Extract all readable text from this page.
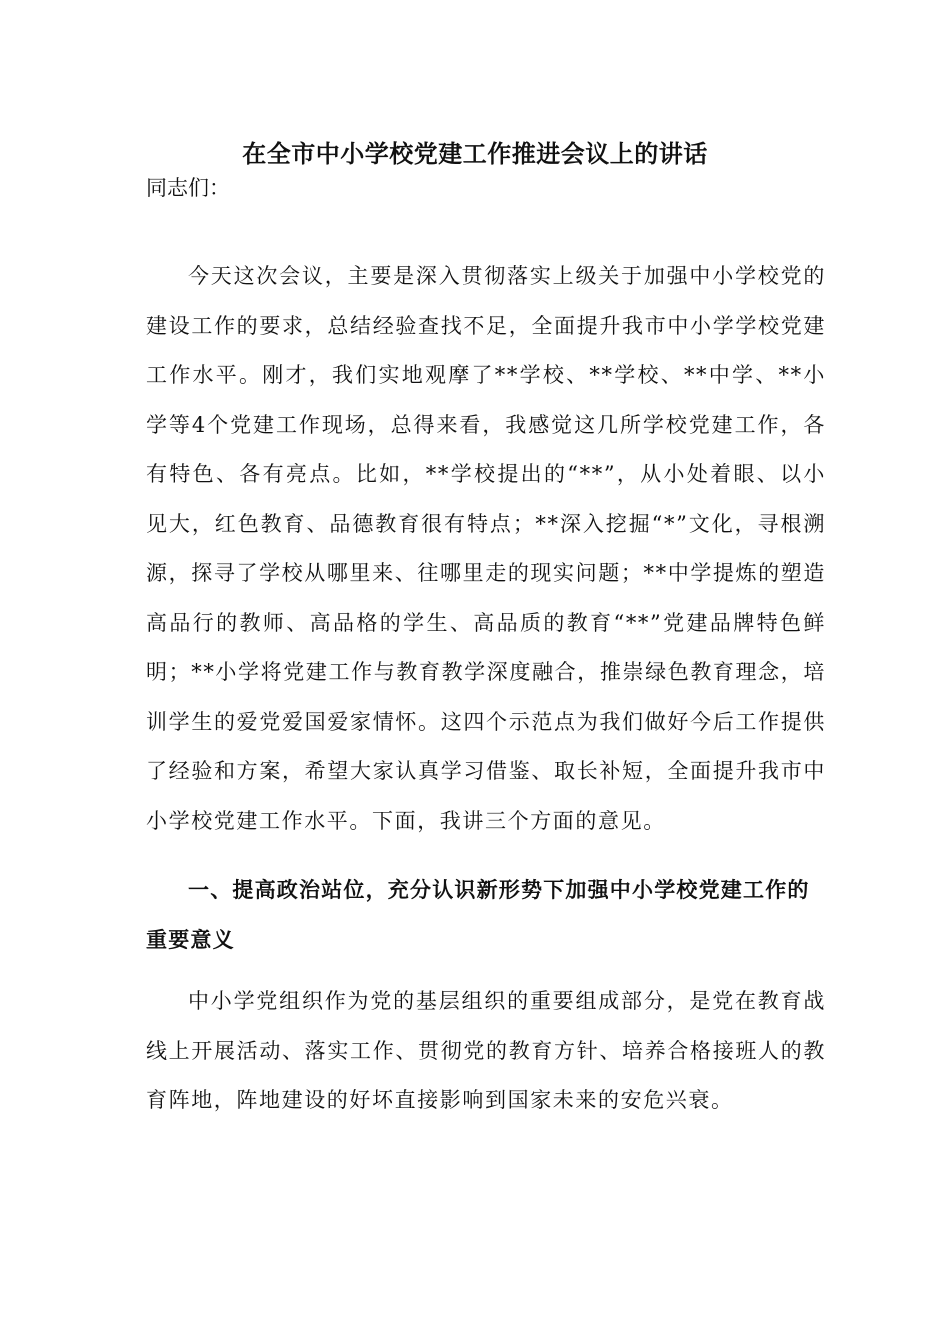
在全市中小学校党建工作推进会议上的讲话
同志们：

今天这次会议，主要是深入贯彻落实上级关于加强中小学校党的建设工作的要求，总结经验查找不足，全面提升我市中小学学校党建工作水平。刚才，我们实地观摩了**学校、**学校、**中学、**小学等4个党建工作现场，总得来看，我感觉这几所学校党建工作，各有特色、各有亮点。比如，**学校提出的“**”，从小处着眼、以小见大，红色教育、品德教育很有特点；**深入挖掘“*”文化，寻根溯源，探寻了学校从哪里来、往哪里走的现实问题；**中学提炼的塑造高品行的教师、高品格的学生、高品质的教育“**”党建品牌特色鲜明；**小学将党建工作与教育教学深度融合，推崇绿色教育理念，培训学生的爱党爱国爱家情怀。这四个示范点为我们做好今后工作提供了经验和方案，希望大家认真学习借鉴、取长补短，全面提升我市中小学校党建工作水平。下面，我讲三个方面的意见。

一、提高政治站位，充分认识新形势下加强中小学校党建工作的重要意义

中小学党组织作为党的基层组织的重要组成部分，是党在教育战线上开展活动、落实工作、贯彻党的教育方针、培养合格接班人的教育阵地，阵地建设的好坏直接影响到国家未来的安危兴衰。
